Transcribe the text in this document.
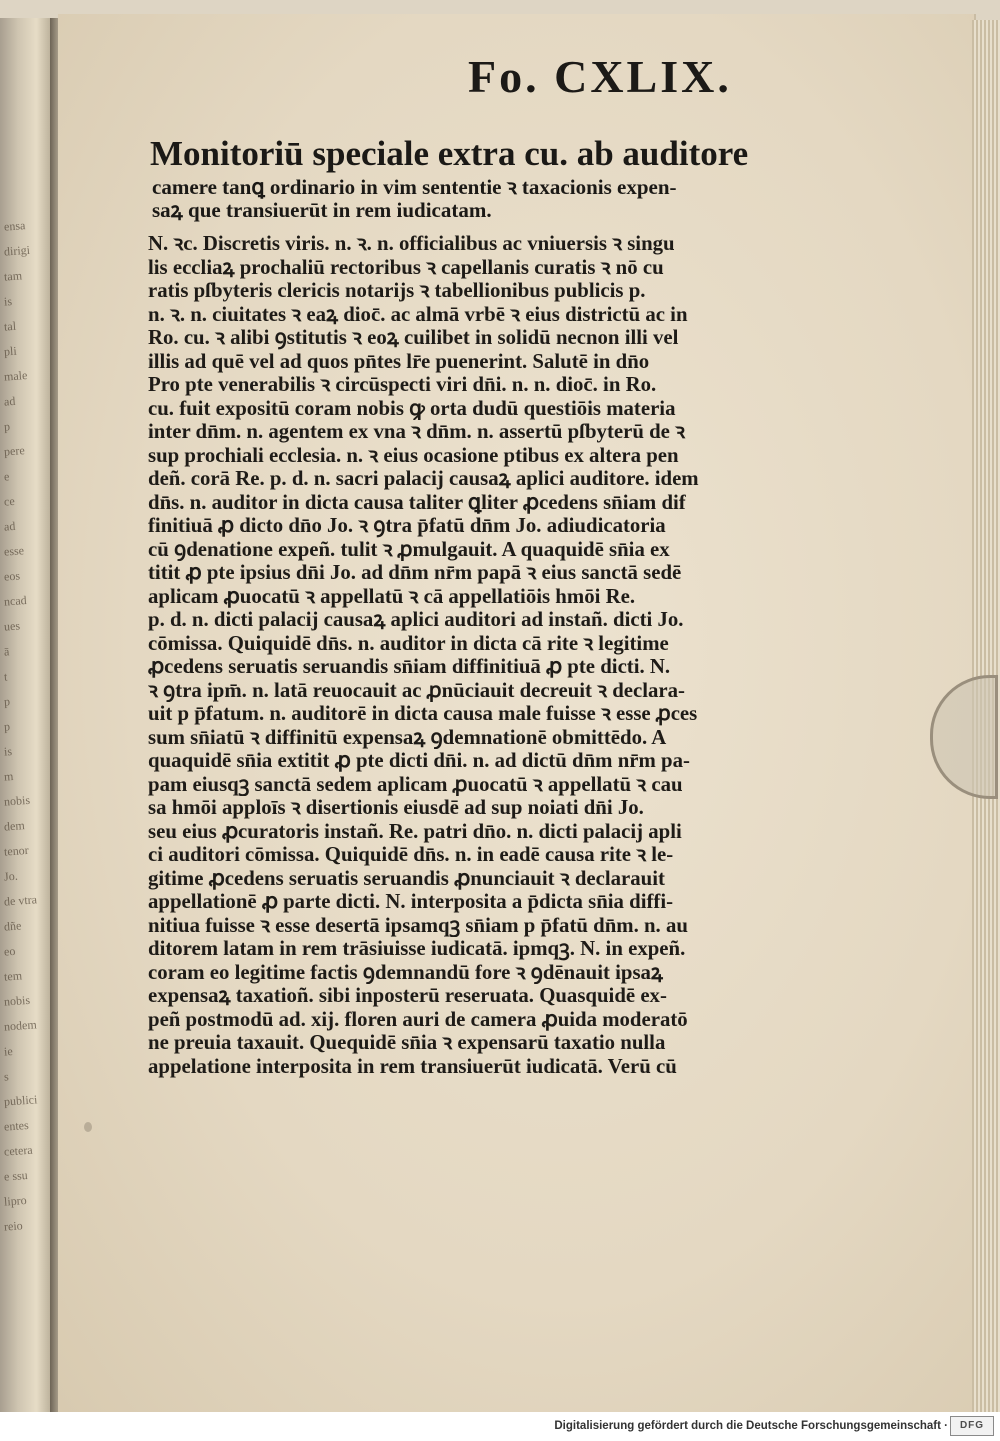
ensa
dirigi
tam
is
tal
pli
male
ad
p
pere
e
ce
ad
esse
eos
ncad
ues
ā
t
p
p
is
m
nobis
dem
tenor
Jo.
de vtra
dñe
eo
tem
nobis
nodem
ie
s
publici
entes
cetera
e ssu
lipro
reio
Fo. CXLIX.
Monitoriū speciale extra cu. ab auditore
camere tanꝗ ordinario in vim sententie ꝛ taxacionis expen-
saꝝ que transiuerūt in rem iudicatam.
N. ꝛc. Discretis viris. n. ꝛ. n. officialibus ac vniuersis ꝛ singu
lis eccliaꝝ prochaliū rectoribus ꝛ capellanis curatis ꝛ nō cu
ratis pſbyteris clericis notarijs ꝛ tabellionibus publicis p.
n. ꝛ. n. ciuitates ꝛ eaꝝ dioc̄. ac almā vrbē ꝛ eius districtū ac in
Ro. cu. ꝛ alibi ꝯstitutis ꝛ eoꝝ cuilibet in solidū necnon illi vel
illis ad quē vel ad quos pn̄tes lr̄e puenerint. Salutē in dn̄o
Pro pte venerabilis ꝛ circūspecti viri dn̄i. n. n. dioc̄. in Ro.
cu. fuit expositū coram nobis ꝙ orta dudū questiōis materia
inter dn̄m. n. agentem ex vna ꝛ dn̄m. n. assertū pſbyterū de ꝛ
sup prochiali ecclesia. n. ꝛ eius ocasione ptibus ex altera pen
deñ. corā Re. p. d. n. sacri palacij causaꝝ aplici auditore. idem
dn̄s. n. auditor in dicta causa taliter ꝗliter ꝓcedens sn̄iam dif
finitiuā ꝓ dicto dn̄o Jo. ꝛ ꝯtra p̄fatū dn̄m Jo. adiudicatoria
cū ꝯdenatione expeñ. tulit ꝛ ꝓmulgauit. A quaquidē sn̄ia ex
titit ꝓ pte ipsius dn̄i Jo. ad dn̄m nr̄m papā ꝛ eius sanctā sedē
aplicam ꝓuocatū ꝛ appellatū ꝛ cā appellatiōis hmōi Re.
p. d. n. dicti palacij causaꝝ aplici auditori ad instañ. dicti Jo.
cōmissa. Quiquidē dn̄s. n. auditor in dicta cā rite ꝛ legitime
ꝓcedens seruatis seruandis sn̄iam diffinitiuā ꝓ pte dicti. N.
ꝛ ꝯtra ipm̄. n. latā reuocauit ac ꝓnūciauit decreuit ꝛ declara-
uit p p̄fatum. n. auditorē in dicta causa male fuisse ꝛ esse ꝓces
sum sn̄iatū ꝛ diffinitū expensaꝝ ꝯdemnationē obmittēdo. A
quaquidē sn̄ia extitit ꝓ pte dicti dn̄i. n. ad dictū dn̄m nr̄m pa-
pam eiusqꝫ sanctā sedem aplicam ꝓuocatū ꝛ appellatū ꝛ cau
sa hmōi apploīs ꝛ disertionis eiusdē ad sup noiati dn̄i Jo.
seu eius ꝓcuratoris instañ. Re. patri dn̄o. n. dicti palacij apli
ci auditori cōmissa. Quiquidē dn̄s. n. in eadē causa rite ꝛ le-
gitime ꝓcedens seruatis seruandis ꝓnunciauit ꝛ declarauit
appellationē ꝓ parte dicti. N. interposita a p̄dicta sn̄ia diffi-
nitiua fuisse ꝛ esse desertā ipsamqꝫ sn̄iam p p̄fatū dn̄m. n. au
ditorem latam in rem trāsiuisse iudicatā. ipmqꝫ. N. in expeñ.
coram eo legitime factis ꝯdemnandū fore ꝛ ꝯdēnauit ipsaꝝ
expensaꝝ taxatioñ. sibi inposterū reseruata. Quasquidē ex-
peñ postmodū ad. xij. floren auri de camera ꝓuida moderatō
ne preuia taxauit. Quequidē sn̄ia ꝛ expensarū taxatio nulla
appelatione interposita in rem transiuerūt iudicatā. Verū cū
Digitalisierung gefördert durch die Deutsche Forschungsgemeinschaft ·	DFG
